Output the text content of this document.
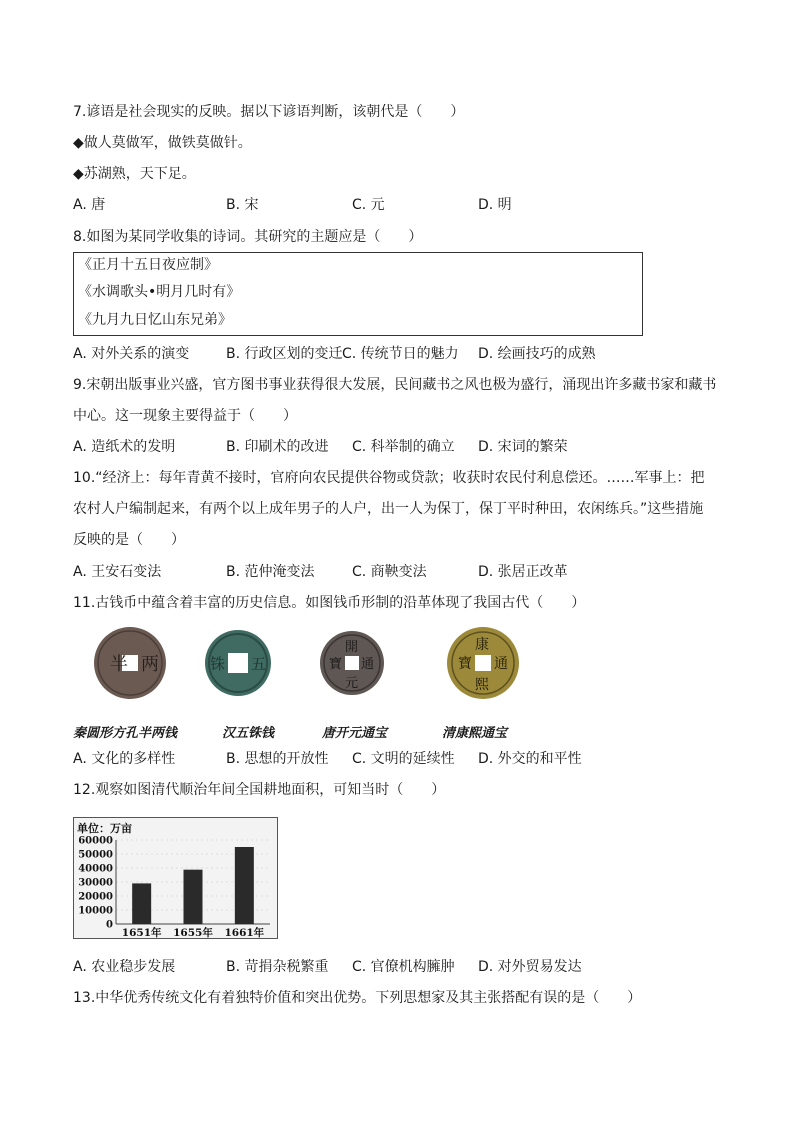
7.谚语是社会现实的反映。据以下谚语判断，该朝代是（　　）
◆做人莫做军，做铁莫做针。
◆苏湖熟，天下足。
A. 唐	B. 宋	C. 元	D. 明
8.如图为某同学收集的诗词。其研究的主题应是（　　）
《正月十五日夜应制》
《水调歌头•明月几时有》
《九月九日忆山东兄弟》
A. 对外关系的演变	B. 行政区划的变迁 C. 传统节日的魅力 D. 绘画技巧的成熟
9.宋朝出版事业兴盛，官方图书事业获得很大发展，民间藏书之风也极为盛行，涌现出许多藏书家和藏书
中心。这一现象主要得益于（　　）
A. 造纸术的发明	B. 印刷术的改进 C. 科举制的确立 D. 宋词的繁荣
10.“经济上：每年青黄不接时，官府向农民提供谷物或贷款；收获时农民付利息偿还。……军事上：把
农村人户编制起来，有两个以上成年男子的人户，出一人为保丁，保丁平时种田，农闲练兵。”这些措施
反映的是（　　）
A. 王安石变法	B. 范仲淹变法	C. 商鞅变法	D. 张居正改革
11.古钱币中蕴含着丰富的历史信息。如图钱币形制的沿革体现了我国古代（　　）
半 两	铢 五
開
元
通
寶
康
熙
通
寶
秦圆形方孔半两钱	汉五铢钱	唐开元通宝	清康熙通宝
A. 文化的多样性	B. 思想的开放性 C. 文明的延续性 D. 外交的和平性
12.观察如图清代顺治年间全国耕地面积，可知当时（　　）
单位：万亩
0
10000
20000
30000
40000
50000
60000
1651年 1655年 1661年
A. 农业稳步发展	B. 苛捐杂税繁重 C. 官僚机构臃肿 D. 对外贸易发达
13.中华优秀传统文化有着独特价值和突出优势。下列思想家及其主张搭配有误的是（　　）
